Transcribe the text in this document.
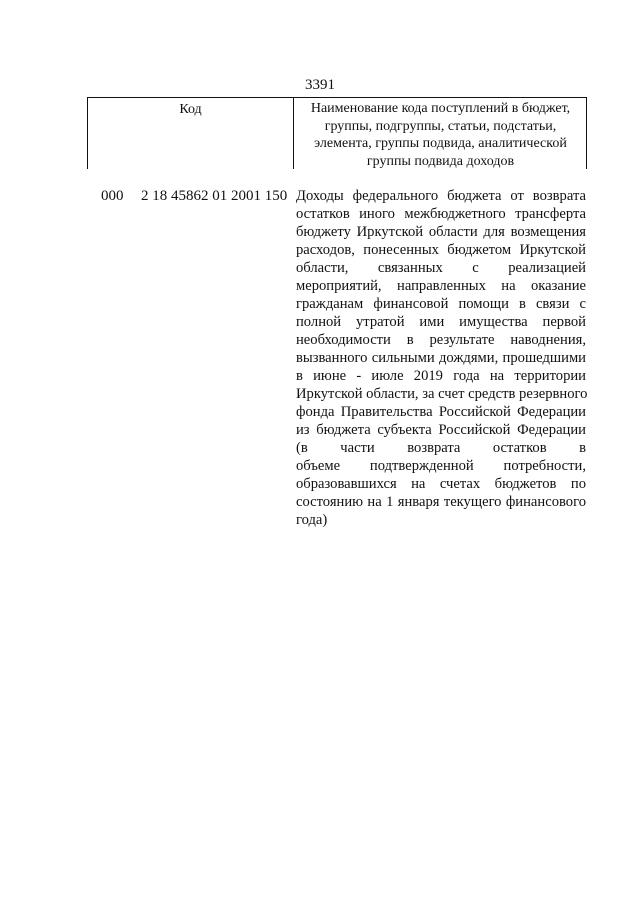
3391
Код	Наименование кода поступлений в бюджет,
группы, подгруппы, статьи, подстатьи,
элемента, группы подвида, аналитической
группы подвида доходов
000 2 18 45862 01 2001 150 Доходы федерального бюджета от возврата
остатков иного межбюджетного трансферта
бюджету Иркутской области для возмещения
расходов, понесенных бюджетом Иркутской
области, связанных с реализацией
мероприятий, направленных на оказание
гражданам финансовой помощи в связи с
полной утратой ими имущества первой
необходимости в результате наводнения,
вызванного сильными дождями, прошедшими
в июне - июле 2019 года на территории
Иркутской области, за счет средств резервного
фонда Правительства Российской Федерации
из бюджета субъекта Российской Федерации
(в части возврата остатков в
объеме подтвержденной потребности,
образовавшихся на счетах бюджетов по
состоянию на 1 января текущего финансового
года)
